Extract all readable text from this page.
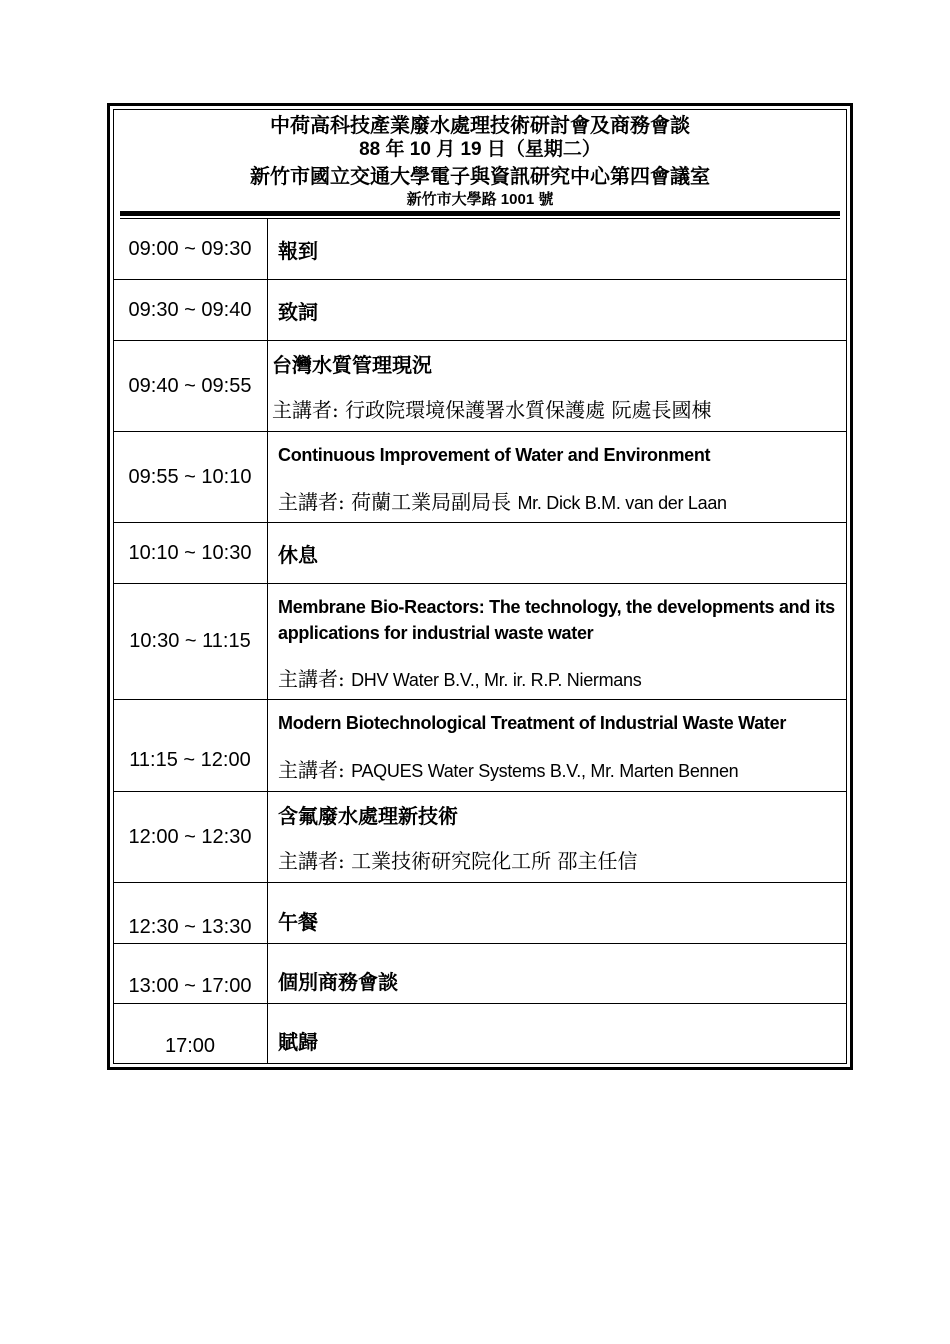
中荷高科技產業廢水處理技術研討會及商務會談
88 年 10 月 19 日（星期二）
新竹市國立交通大學電子與資訊研究中心第四會議室
新竹市大學路 1001 號
09:00 ~ 09:30	報到
09:30 ~ 09:40	致詞
09:40 ~ 09:55
台灣水質管理現況
主講者: 行政院環境保護署水質保護處 阮處長國棟
09:55 ~ 10:10
Continuous Improvement of Water and Environment
主講者: 荷蘭工業局副局長 Mr. Dick B.M. van der Laan
10:10 ~ 10:30	休息
10:30 ~ 11:15
Membrane Bio-Reactors: The technology, the developments and its applications for industrial waste water
主講者: DHV Water B.V., Mr. ir. R.P. Niermans
11:15 ~ 12:00
Modern Biotechnological Treatment of Industrial Waste Water
主講者: PAQUES Water Systems B.V., Mr. Marten Bennen
12:00 ~ 12:30
含氟廢水處理新技術
主講者: 工業技術研究院化工所 邵主任信
12:30 ~ 13:30	午餐
13:00 ~ 17:00	個別商務會談
17:00	賦歸
